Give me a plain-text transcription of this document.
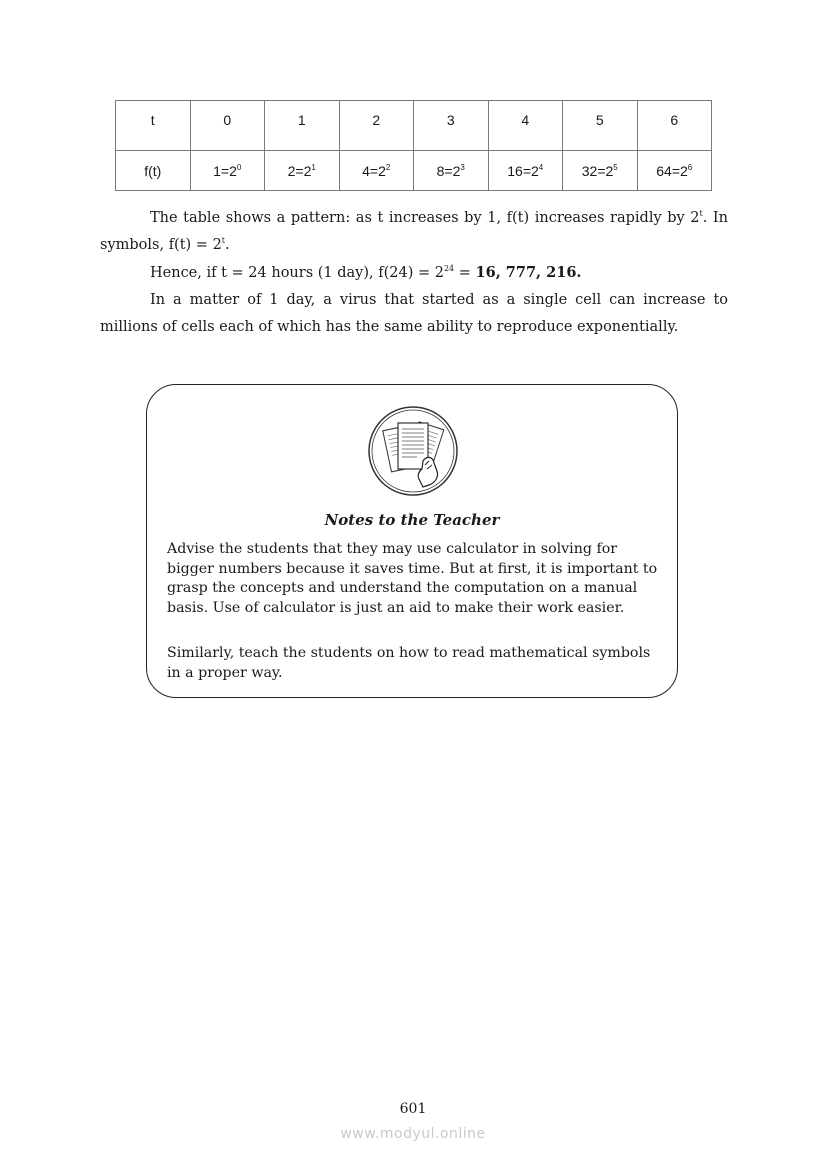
t	0	1	2	3	4	5	6
f(t)	$1=2^0$	$2=2^1$	$4=2^2$	$8=2^3$	$16=2^4$	$32=2^5$	$64=2^6$

The table shows a pattern: as t increases by 1, f(t) increases rapidly by 2$^t$. In symbols, $f(t) = 2^t$.

Hence, if t = 24 hours (1 day), $f(24) = 2^{24} = 16$, 777, 216.

In a matter of 1 day, a virus that started as a single cell can increase to millions of cells each of which has the same ability to reproduce exponentially.

Notes to the Teacher

Advise the students that they may use calculator in solving for bigger numbers because it saves time. But at first, it is important to grasp the concepts and understand the computation on a manual basis. Use of calculator is just an aid to make their work easier.

Similarly, teach the students on how to read mathematical symbols in a proper way.

601
www.modyul.online
